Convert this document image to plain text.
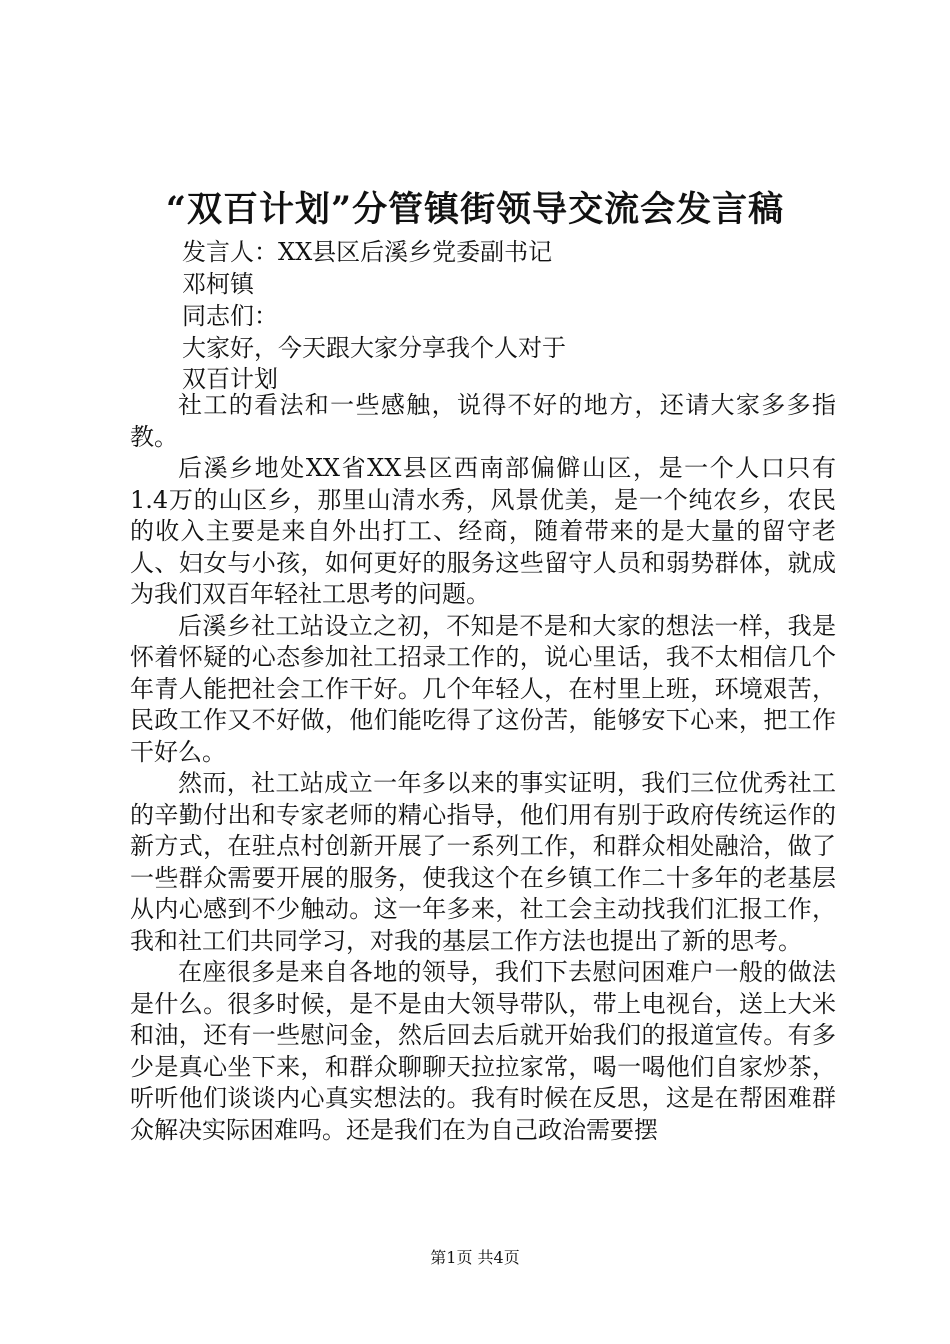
“双百计划”分管镇街领导交流会发言稿
发言人：XX县区后溪乡党委副书记
邓柯镇
同志们：
大家好，今天跟大家分享我个人对于
双百计划

社工的看法和一些感触，说得不好的地方，还请大家多多指教。

后溪乡地处XX省XX县区西南部偏僻山区，是一个人口只有1.4万的山区乡，那里山清水秀，风景优美，是一个纯农乡，农民的收入主要是来自外出打工、经商，随着带来的是大量的留守老人、妇女与小孩，如何更好的服务这些留守人员和弱势群体，就成为我们双百年轻社工思考的问题。

后溪乡社工站设立之初，不知是不是和大家的想法一样，我是怀着怀疑的心态参加社工招录工作的，说心里话，我不太相信几个年青人能把社会工作干好。几个年轻人，在村里上班，环境艰苦，民政工作又不好做，他们能吃得了这份苦，能够安下心来，把工作干好么。

然而，社工站成立一年多以来的事实证明，我们三位优秀社工的辛勤付出和专家老师的精心指导，他们用有别于政府传统运作的新方式，在驻点村创新开展了一系列工作，和群众相处融洽，做了一些群众需要开展的服务，使我这个在乡镇工作二十多年的老基层从内心感到不少触动。这一年多来，社工会主动找我们汇报工作，我和社工们共同学习，对我的基层工作方法也提出了新的思考。

在座很多是来自各地的领导，我们下去慰问困难户一般的做法是什么。很多时候，是不是由大领导带队，带上电视台，送上大米和油，还有一些慰问金，然后回去后就开始我们的报道宣传。有多少是真心坐下来，和群众聊聊天拉拉家常，喝一喝他们自家炒茶，听听他们谈谈内心真实想法的。我有时候在反思，这是在帮困难群众解决实际困难吗。还是我们在为自己政治需要摆

第1页 共4页
